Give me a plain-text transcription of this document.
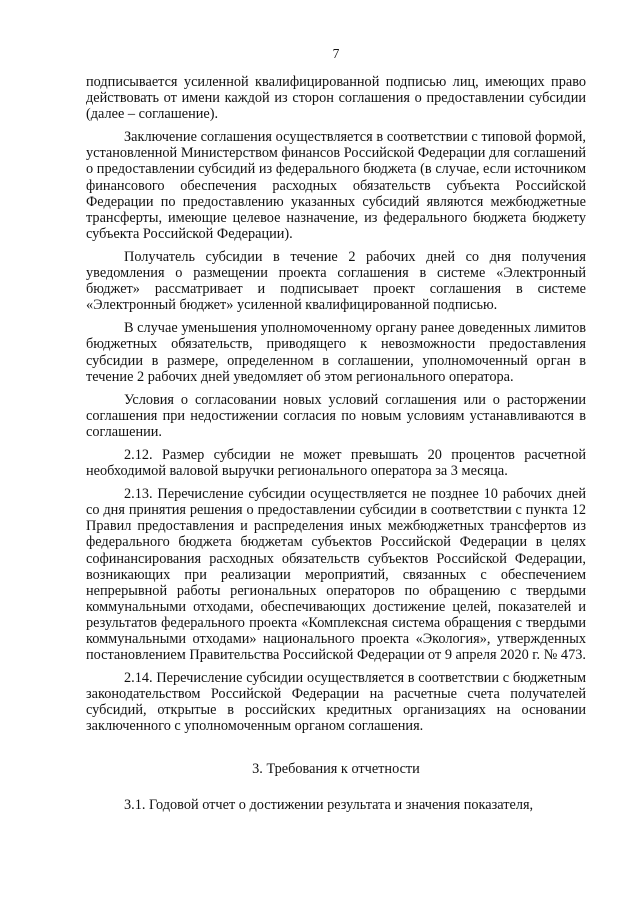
7

подписывается усиленной квалифицированной подписью лиц, имеющих право действовать от имени каждой из сторон соглашения о предоставлении субсидии (далее – соглашение).

Заключение соглашения осуществляется в соответствии с типовой формой, установленной Министерством финансов Российской Федерации для соглашений о предоставлении субсидий из федерального бюджета (в случае, если источником финансового обеспечения расходных обязательств субъекта Российской Федерации по предоставлению указанных субсидий являются межбюджетные трансферты, имеющие целевое назначение, из федерального бюджета бюджету субъекта Российской Федерации).

Получатель субсидии в течение 2 рабочих дней со дня получения уведомления о размещении проекта соглашения в системе «Электронный бюджет» рассматривает и подписывает проект соглашения в системе «Электронный бюджет» усиленной квалифицированной подписью.

В случае уменьшения уполномоченному органу ранее доведенных лимитов бюджетных обязательств, приводящего к невозможности предоставления субсидии в размере, определенном в соглашении, уполномоченный орган в течение 2 рабочих дней уведомляет об этом регионального оператора.

Условия о согласовании новых условий соглашения или о расторжении соглашения при недостижении согласия по новым условиям устанавливаются в соглашении.

2.12. Размер субсидии не может превышать 20 процентов расчетной необходимой валовой выручки регионального оператора за 3 месяца.

2.13. Перечисление субсидии осуществляется не позднее 10 рабочих дней со дня принятия решения о предоставлении субсидии в соответствии с пункта 12 Правил предоставления и распределения иных межбюджетных трансфертов из федерального бюджета бюджетам субъектов Российской Федерации в целях софинансирования расходных обязательств субъектов Российской Федерации, возникающих при реализации мероприятий, связанных с обеспечением непрерывной работы региональных операторов по обращению с твердыми коммунальными отходами, обеспечивающих достижение целей, показателей и результатов федерального проекта «Комплексная система обращения с твердыми коммунальными отходами» национального проекта «Экология», утвержденных постановлением Правительства Российской Федерации от 9 апреля 2020 г. № 473.

2.14. Перечисление субсидии осуществляется в соответствии с бюджетным законодательством Российской Федерации на расчетные счета получателей субсидий, открытые в российских кредитных организациях на основании заключенного с уполномоченным органом соглашения.

3. Требования к отчетности

3.1. Годовой отчет о достижении результата и значения показателя,
